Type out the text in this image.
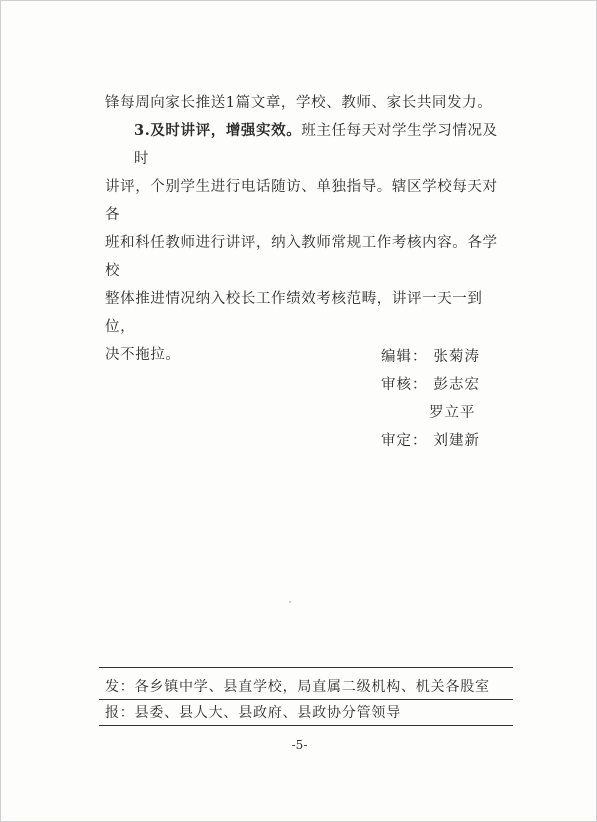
锋每周向家长推送1篇文章，学校、教师、家长共同发力。
3.及时讲评，增强实效。班主任每天对学生学习情况及时
讲评，个别学生进行电话随访、单独指导。辖区学校每天对各
班和科任教师进行讲评，纳入教师常规工作考核内容。各学校
整体推进情况纳入校长工作绩效考核范畴，讲评一天一到位，
决不拖拉。	编辑： 张菊涛
审核： 彭志宏
罗立平
审定： 刘建新
发：各乡镇中学、县直学校，局直属二级机构、机关各股室
报：县委、县人大、县政府、县政协分管领导
-5-
